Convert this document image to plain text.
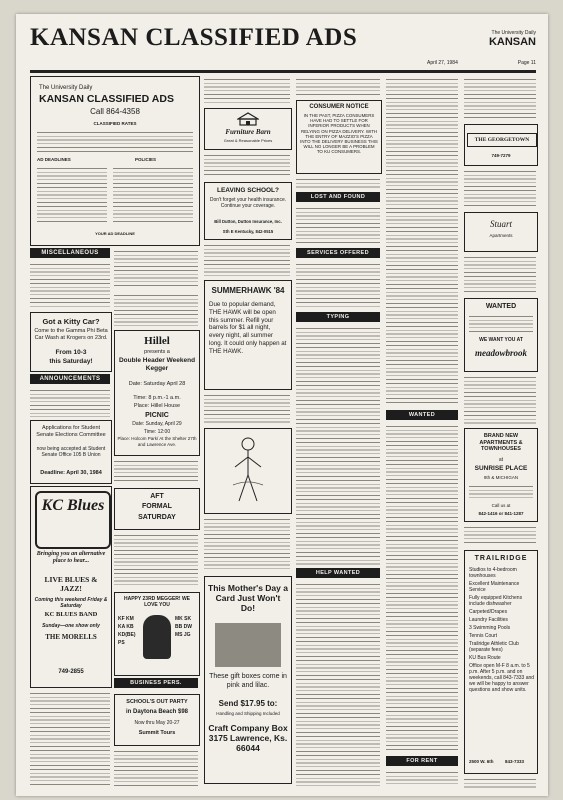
KANSAN CLASSIFIED ADS	The University Daily
KANSAN
April 27, 1984	Page 11
The University Daily
KANSAN CLASSIFIED ADS
Call 864-4358
CLASSIFIED RATES
AD DEADLINES	POLICIES
YOUR AD DEADLINE
MISCELLANEOUS
Got a Kitty Car?
Come to the Gamma Phi Beta Car Wash at Krogers on 23rd.
From 10-3
this Saturday!
ANNOUNCEMENTS
Applications for Student Senate Elections Committee
now being accepted at Student Senate Office 105 B Union
Deadline: April 30, 1984
KC Blues
Bringing you an alternative place to hear...
LIVE BLUES & JAZZ!
Coming this weekend Friday & Saturday
KC BLUES BAND
Sunday—one show only
THE MORELLS
749-2855
Hillel
presents a
Double Header Weekend Kegger
Date: Saturday April 28
Time: 8 p.m.-1 a.m.
Place: Hillel House
PICNIC
Date: Sunday, April 29
Time: 12:00
Place: Holcom Park/ At the Shelter 27th and Lawrence Ave.
AFT
FORMAL
SATURDAY
HAPPY 23RD MEGGER! WE LOVE YOU
KF KM KA KB KD(BE) PS
MK SK BB DW MS JG
BUSINESS PERS.
SCHOOL'S OUT PARTY
in Daytona Beach $98
Now thru May 20-27
Summit Tours
Furniture Barn
Great & Reasonable Prices
LEAVING SCHOOL?
Don't forget your health insurance. Continue your coverage.
Bill Dutton, Dutton Insurance, Inc.
Sth E Kentucky, 842-0515
SUMMERHAWK '84
Due to popular demand, THE HAWK will be open this summer. Refill your barrels for $1 all night, every night, all summer long. It could only happen at THE HAWK.
This Mother's Day a Card Just Won't Do!
These gift boxes come in pink and lilac.
Send $17.95 to:
Handling and Shipping Included
Craft Company Box 3175 Lawrence, Ks. 66044
CONSUMER NOTICE
IN THE PAST, PIZZA CONSUMERS HAVE HAD TO SETTLE FOR INFERIOR PRODUCTS WHEN RELYING ON PIZZA DELIVERY. WITH THE ENTRY OF MAZZIO'S PIZZA INTO THE DELIVERY BUSINESS THIS WILL NO LONGER BE A PROBLEM TO KU CONSUMERS.
LOST AND FOUND
SERVICES OFFERED
TYPING
HELP WANTED
WANTED
FOR RENT
THE GEORGETOWN
749-7279
Stuart
Apartments
WANTED
WE WANT YOU AT
meadowbrook
BRAND NEW APARTMENTS & TOWNHOUSES
at
SUNRISE PLACE
9th & MICHIGAN
Call us at
842-1416 or 841-1287
TRAILRIDGE
Studios to 4-bedroom townhouses
Excellent Maintenance Service
Fully equipped Kitchens include dishwasher
Carpeted/Drapes
Laundry Facilities
3 Swimming Pools
Tennis Court
Trailridge Athletic Club (separate fees)
KU Bus Route
Office open M-F 8 a.m. to 5 p.m. After 5 p.m. and on weekends, call 843-7333 and we will be happy to answer questions and show units.
2500 W. 6th	843-7333
